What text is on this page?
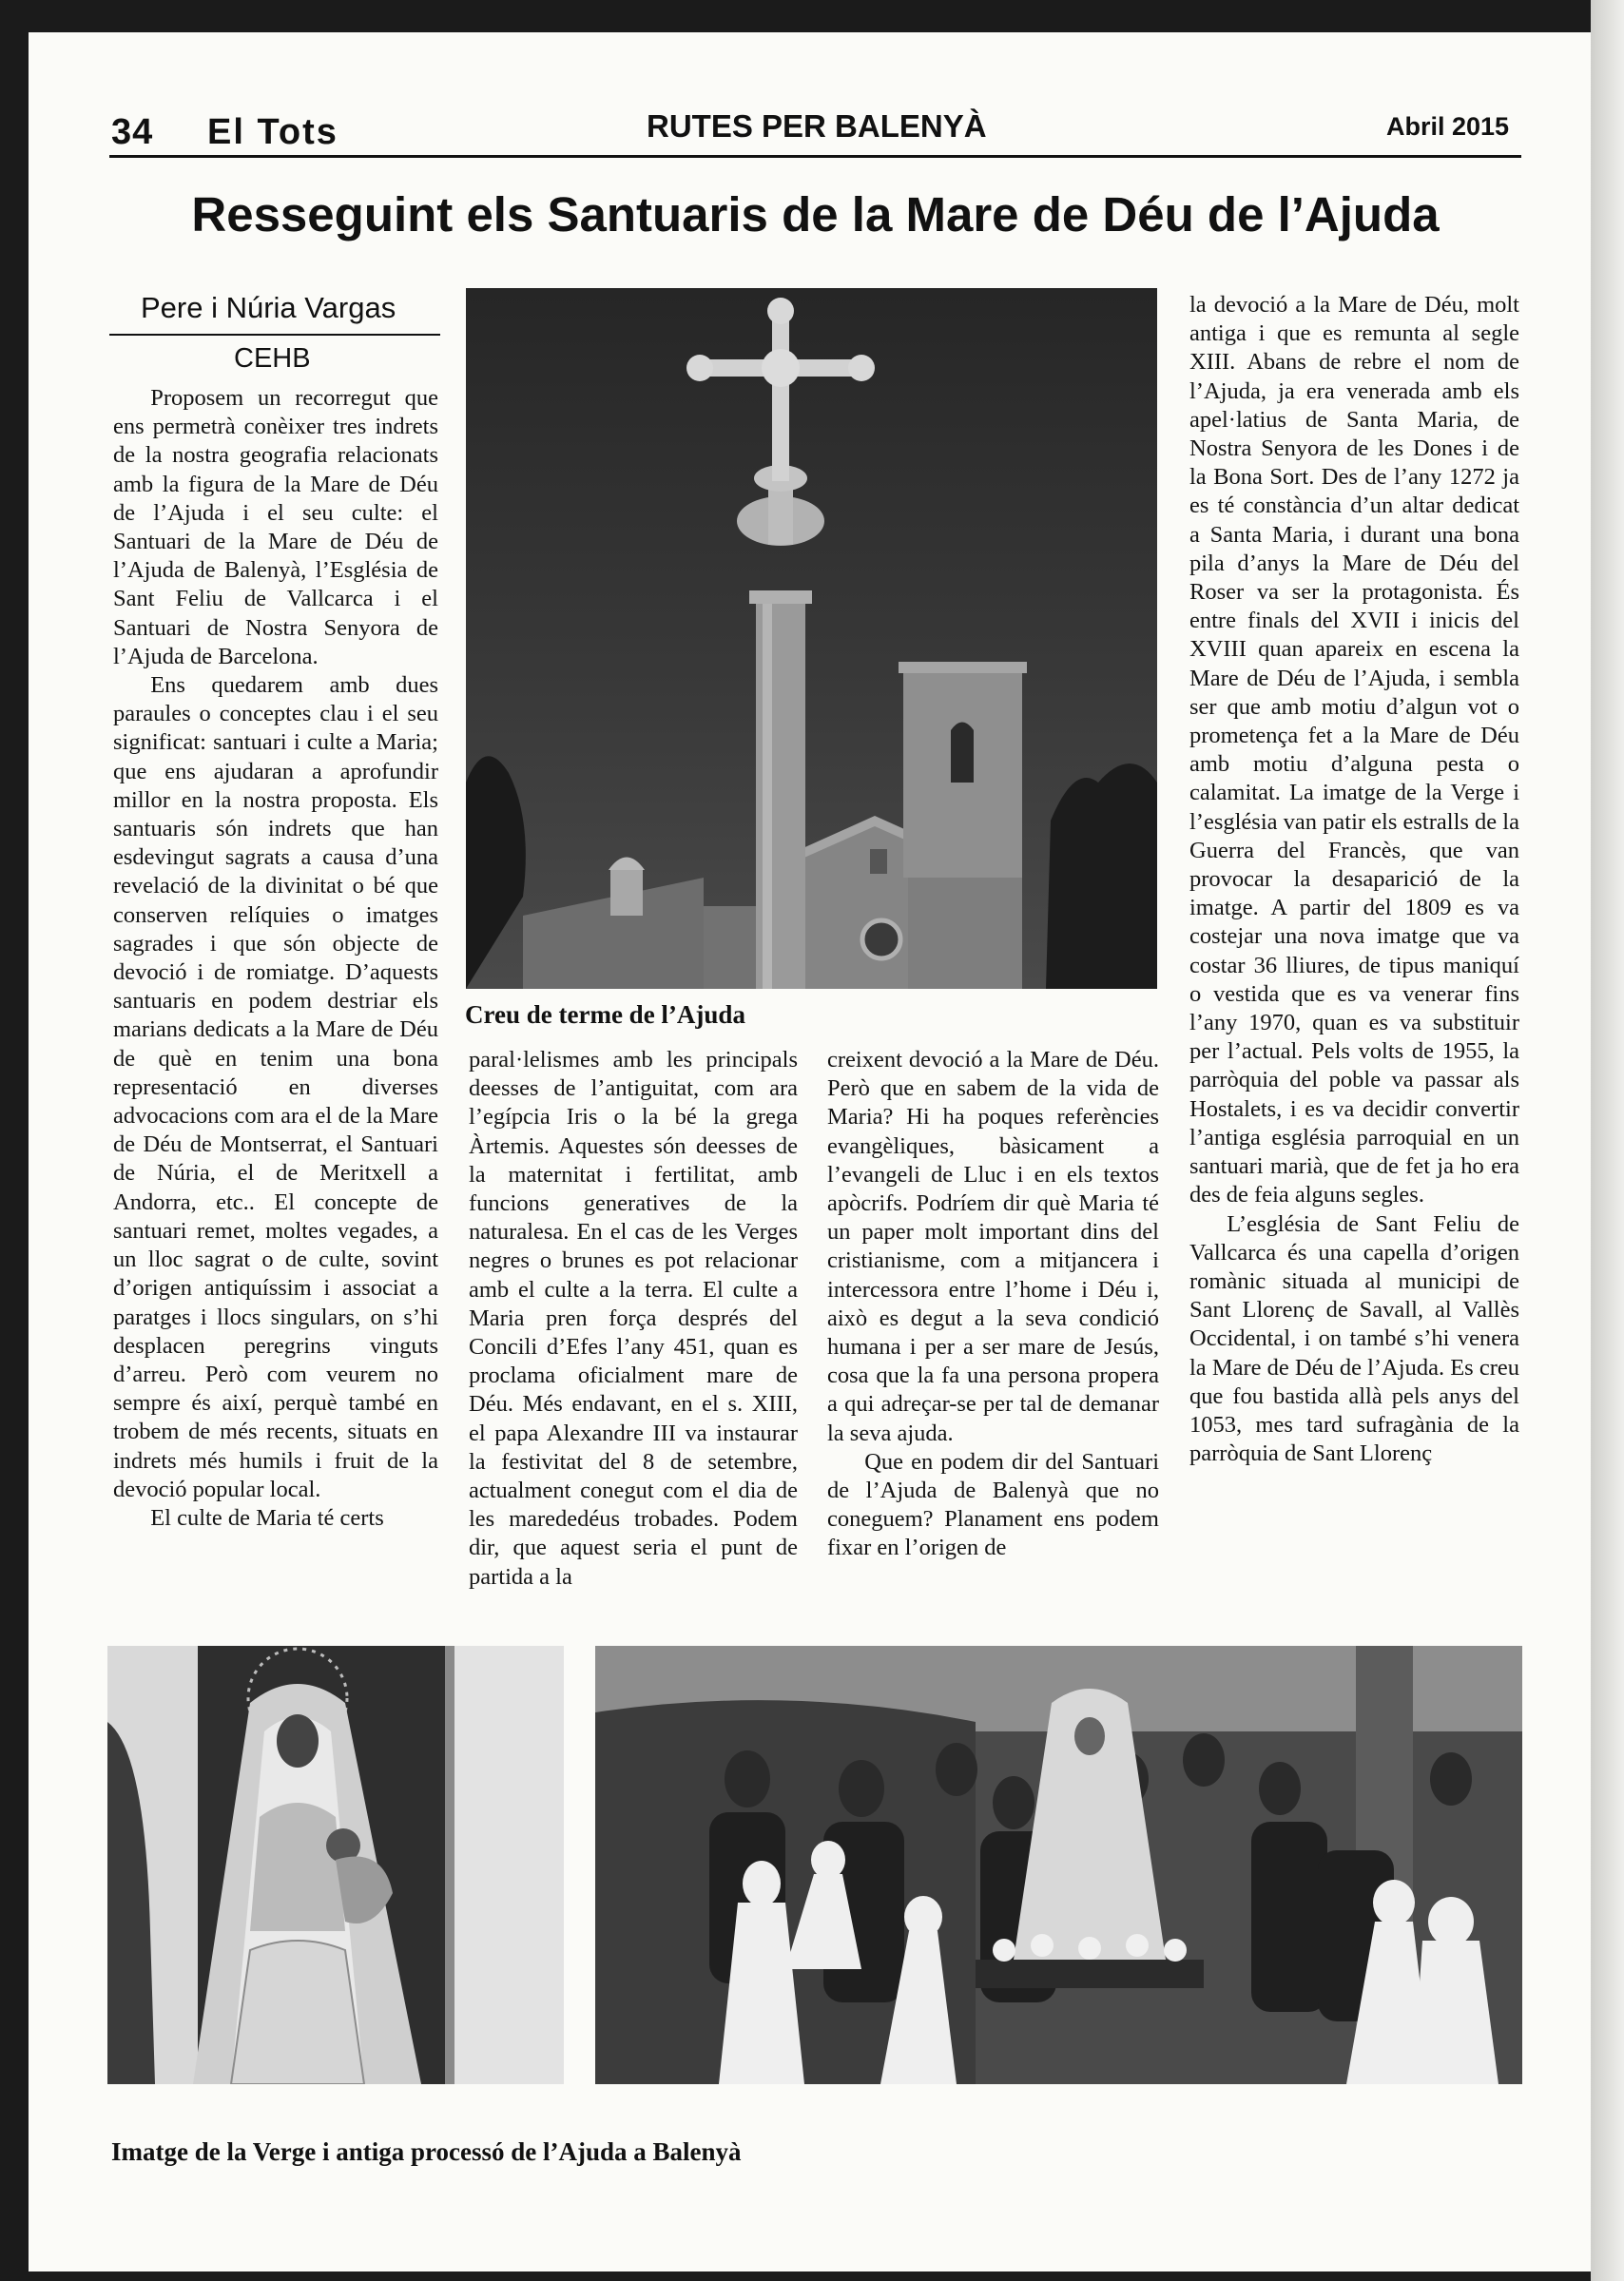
34 El Tots	RUTES PER BALENYÀ	Abril 2015
Resseguint els Santuaris de la Mare de Déu de l’Ajuda
Pere i Núria Vargas
CEHB

Proposem un recorregut que ens permetrà conèixer tres indrets de la nostra geografia relacionats amb la figura de la Mare de Déu de l’Ajuda i el seu culte: el Santuari de la Mare de Déu de l’Ajuda de Balenyà, l’Església de Sant Feliu de Vallcarca i el Santuari de Nostra Senyora de l’Ajuda de Barcelona.

Ens quedarem amb dues paraules o conceptes clau i el seu significat: santuari i culte a Maria; que ens ajudaran a aprofundir millor en la nostra proposta. Els santuaris són indrets que han esdevingut sagrats a causa d’una revelació de la divinitat o bé que conserven relíquies o imatges sagrades i que són objecte de devoció i de romiatge. D’aquests santuaris en podem destriar els marians dedicats a la Mare de Déu de què en tenim una bona representació en diverses advocacions com ara el de la Mare de Déu de Montserrat, el Santuari de Núria, el de Meritxell a Andorra, etc.. El concepte de santuari remet, moltes vegades, a un lloc sagrat o de culte, sovint d’origen antiquíssim i associat a paratges i llocs singulars, on s’hi desplacen peregrins vinguts d’arreu. Però com veurem no sempre és així, perquè també en trobem de més recents, situats en indrets més humils i fruit de la devoció popular local.

El culte de Maria té certs

paral·lelismes amb les principals deesses de l’antiguitat, com ara l’egípcia Iris o la bé la grega Àrtemis. Aquestes són deesses de la maternitat i fertilitat, amb funcions generatives de la naturalesa. En el cas de les Verges negres o brunes es pot relacionar amb el culte a la terra. El culte a Maria pren força després del Concili d’Efes l’any 451, quan es proclama oficialment mare de Déu. Més endavant, en el s. XIII, el papa Alexandre III va instaurar la festivitat del 8 de setembre, actualment conegut com el dia de les marededéus trobades. Podem dir, que aquest seria el punt de partida a la

creixent devoció a la Mare de Déu. Però que en sabem de la vida de Maria? Hi ha poques referències evangèliques, bàsicament a l’evangeli de Lluc i en els textos apòcrifs. Podríem dir què Maria té un paper molt important dins del cristianisme, com a mitjancera i intercessora entre l’home i Déu i, això es degut a la seva condició humana i per a ser mare de Jesús, cosa que la fa una persona propera a qui adreçar-se per tal de demanar la seva ajuda.

Que en podem dir del Santuari de l’Ajuda de Balenyà que no coneguem? Planament ens podem fixar en l’origen de

la devoció a la Mare de Déu, molt antiga i que es remunta al segle XIII. Abans de rebre el nom de l’Ajuda, ja era venerada amb els apel·latius de Santa Maria, de Nostra Senyora de les Dones i de la Bona Sort. Des de l’any 1272 ja es té constància d’un altar dedicat a Santa Maria, i durant una bona pila d’anys la Mare de Déu del Roser va ser la protagonista. És entre finals del XVII i inicis del XVIII quan apareix en escena la Mare de Déu de l’Ajuda, i sembla ser que amb motiu d’algun vot o prometença fet a la Mare de Déu amb motiu d’alguna pesta o calamitat. La imatge de la Verge i l’església van patir els estralls de la Guerra del Francès, que van provocar la desaparició de la imatge. A partir del 1809 es va costejar una nova imatge que va costar 36 lliures, de tipus maniquí o vestida que es va venerar fins l’any 1970, quan es va substituir per l’actual. Pels volts de 1955, la parròquia del poble va passar als Hostalets, i es va decidir convertir l’antiga església parroquial en un santuari marià, que de fet ja ho era des de feia alguns segles.

L’església de Sant Feliu de Vallcarca és una capella d’origen romànic situada al municipi de Sant Llorenç de Savall, al Vallès Occidental, i on també s’hi venera la Mare de Déu de l’Ajuda. Es creu que fou bastida allà pels anys del 1053, mes tard sufragània de la parròquia de Sant Llorenç

Creu de terme de l’Ajuda
Imatge de la Verge i antiga processó de l’Ajuda a Balenyà
